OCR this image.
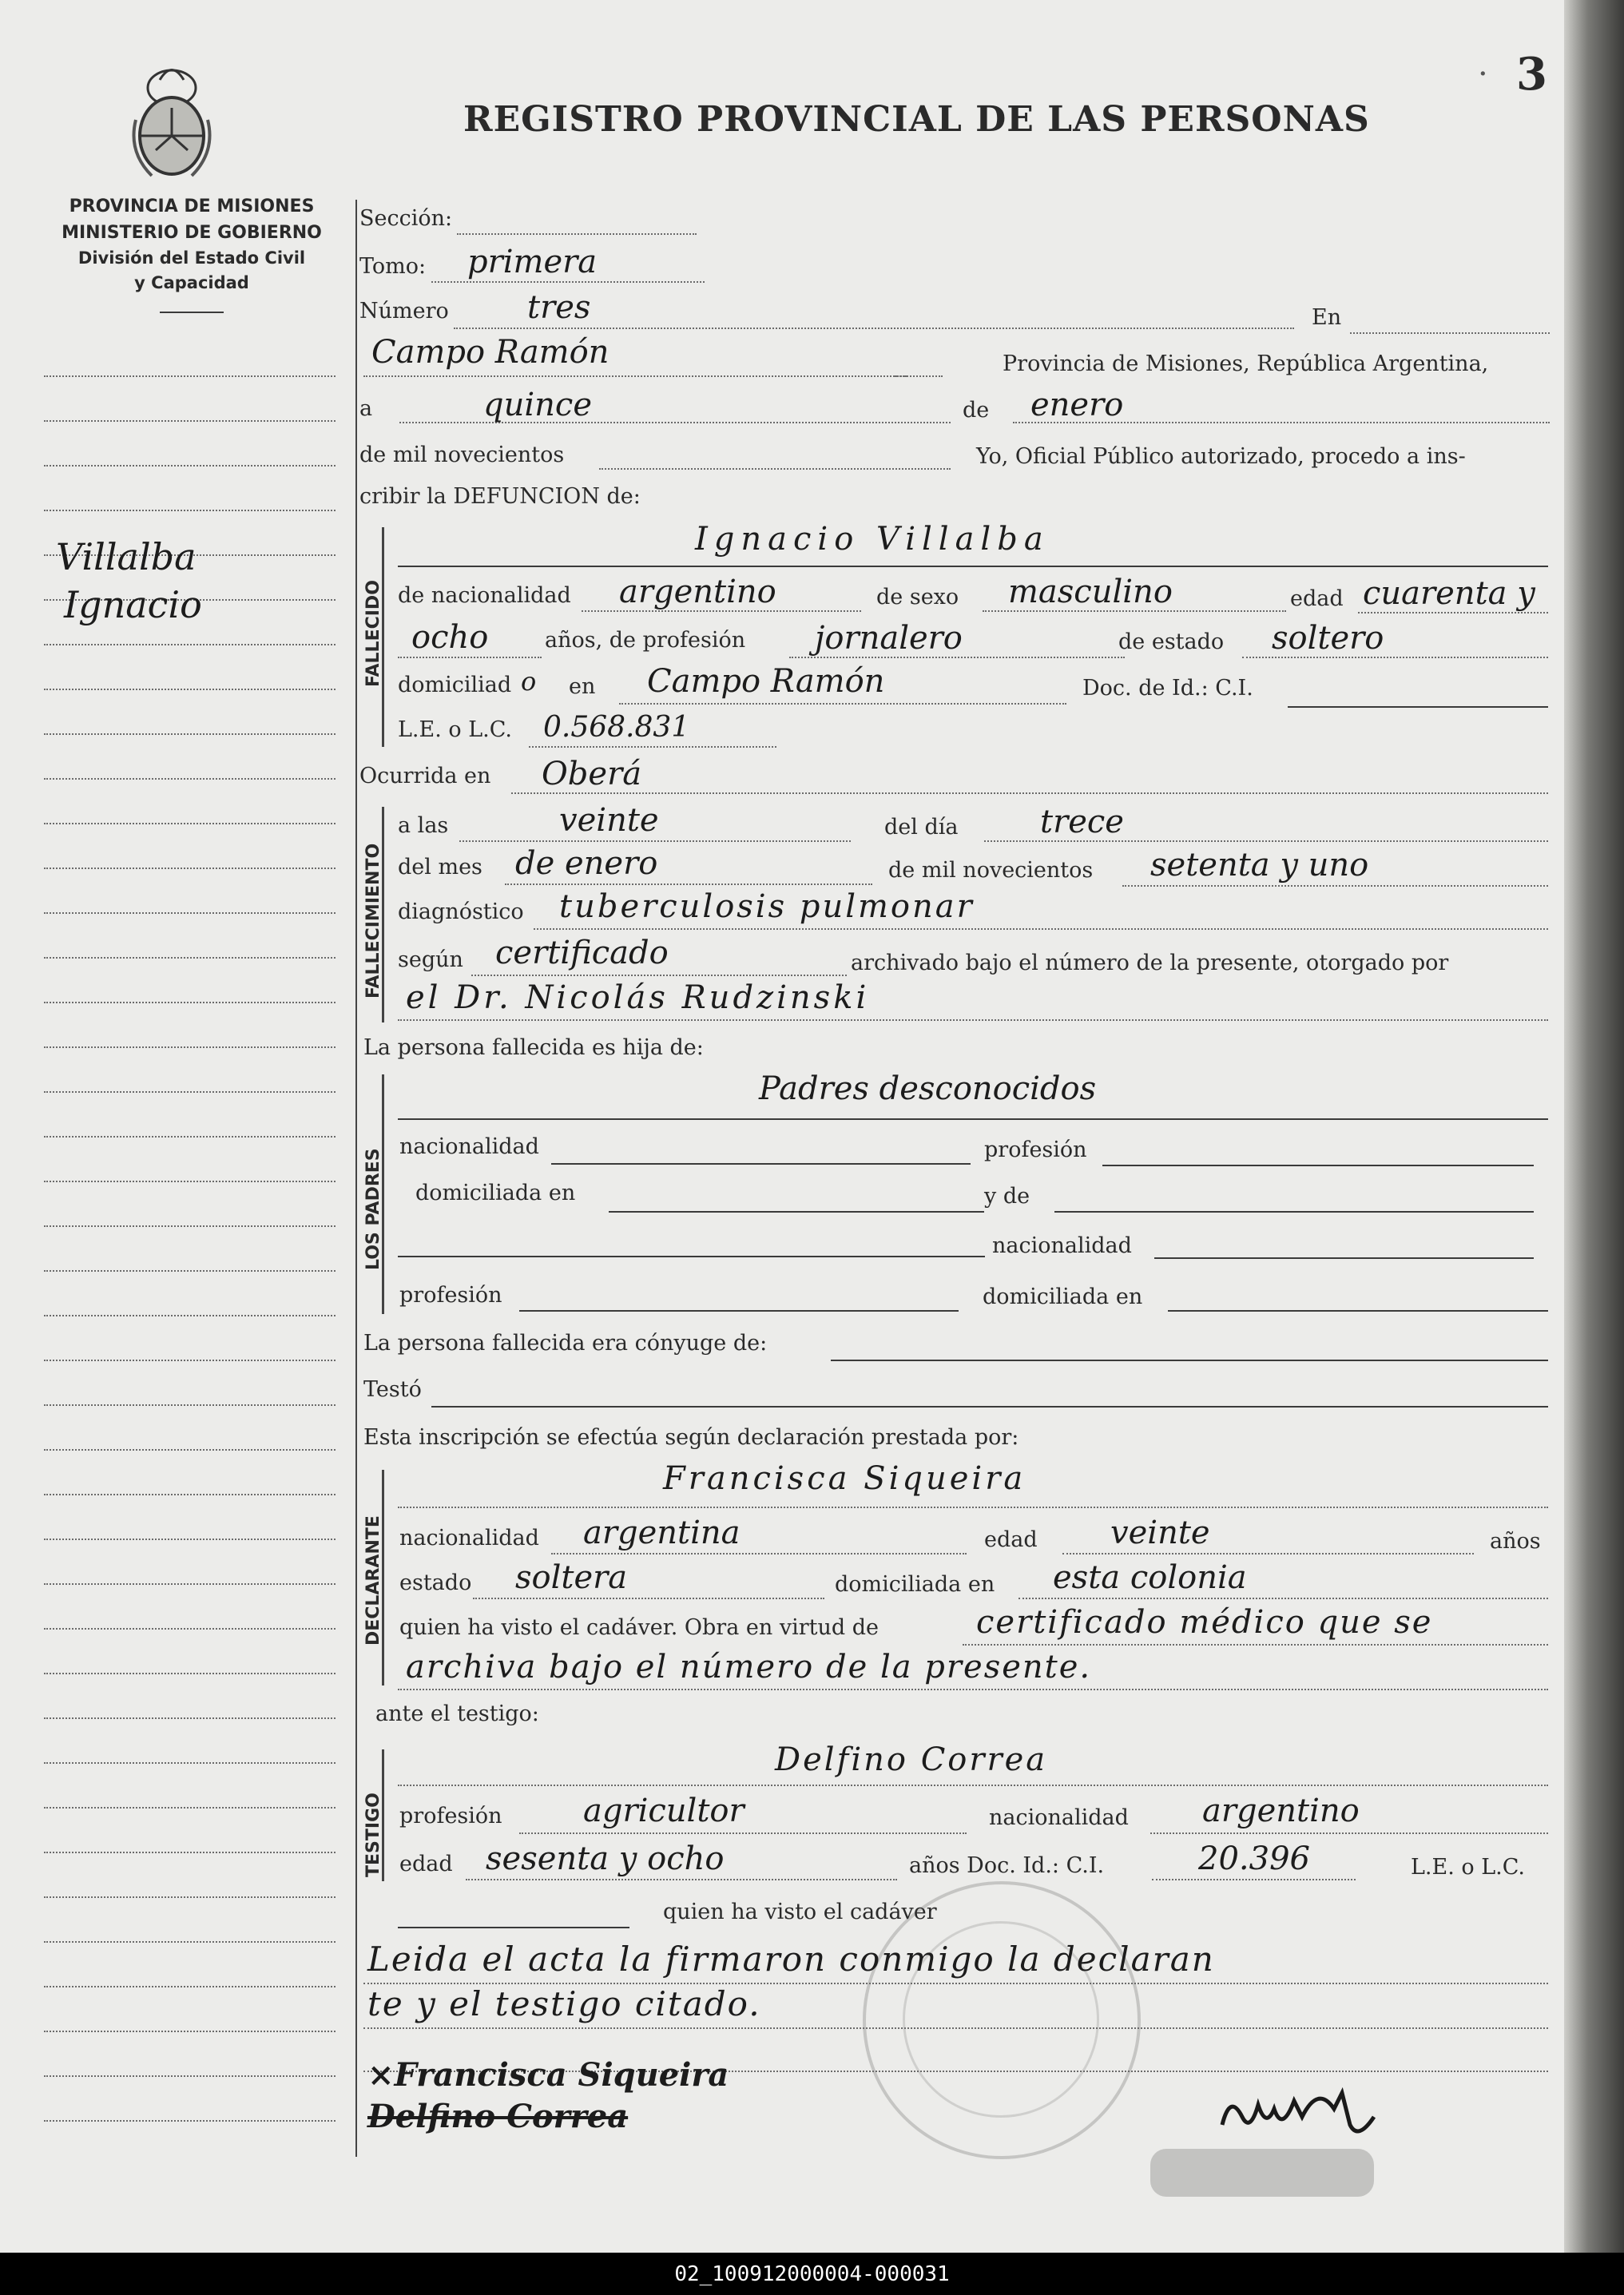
3
·
REGISTRO PROVINCIAL DE LAS PERSONAS
PROVINCIA DE MISIONES
MINISTERIO DE GOBIERNO
División del Estado Civil
y Capacidad
Villalba
Ignacio
Sección:
Tomo: primera
Número tres	En
Campo Ramón	Provincia de Misiones, República Argentina,
a	quince	de enero
de mil novecientos	Yo, Oficial Público autorizado, procedo a ins-
cribir la DEFUNCION de:
FALLECIDO
Ignacio Villalba
de nacionalidad argentino	de sexo masculino	edad cuarenta y
ocho	años, de profesión jornalero	de estado soltero
domiciliad o en Campo Ramón	Doc. de Id.: C.I.
L.E. o L.C. 0.568.831
Ocurrida en Oberá
FALLECIMIENTO
a las	veinte	del día	trece
del mes de enero	de mil novecientos setenta y uno
diagnóstico tuberculosis pulmonar
según certificado	archivado bajo el número de la presente, otorgado por
el Dr. Nicolás Rudzinski
La persona fallecida es hija de:
LOS PADRES
Padres desconocidos
nacionalidad	profesión
domiciliada en	y de
nacionalidad
profesión	domiciliada en
La persona fallecida era cónyuge de:
Testó
Esta inscripción se efectúa según declaración prestada por:
DECLARANTE
Francisca Siqueira
nacionalidad argentina	edad veinte	años
estado soltera	domiciliada en esta colonia
quien ha visto el cadáver. Obra en virtud de	certificado médico que se
archiva bajo el número de la presente.
ante el testigo:
TESTIGO
Delfino Correa
profesión	agricultor	nacionalidad argentino
edad sesenta y ocho	años Doc. Id.: C.I.	20.396	L.E. o L.C.
quien ha visto el cadáver
Leida el acta la firmaron conmigo la declaran
te y el testigo citado.
×Francisca Siqueira
Delfino Correa
02_100912000004-000031
